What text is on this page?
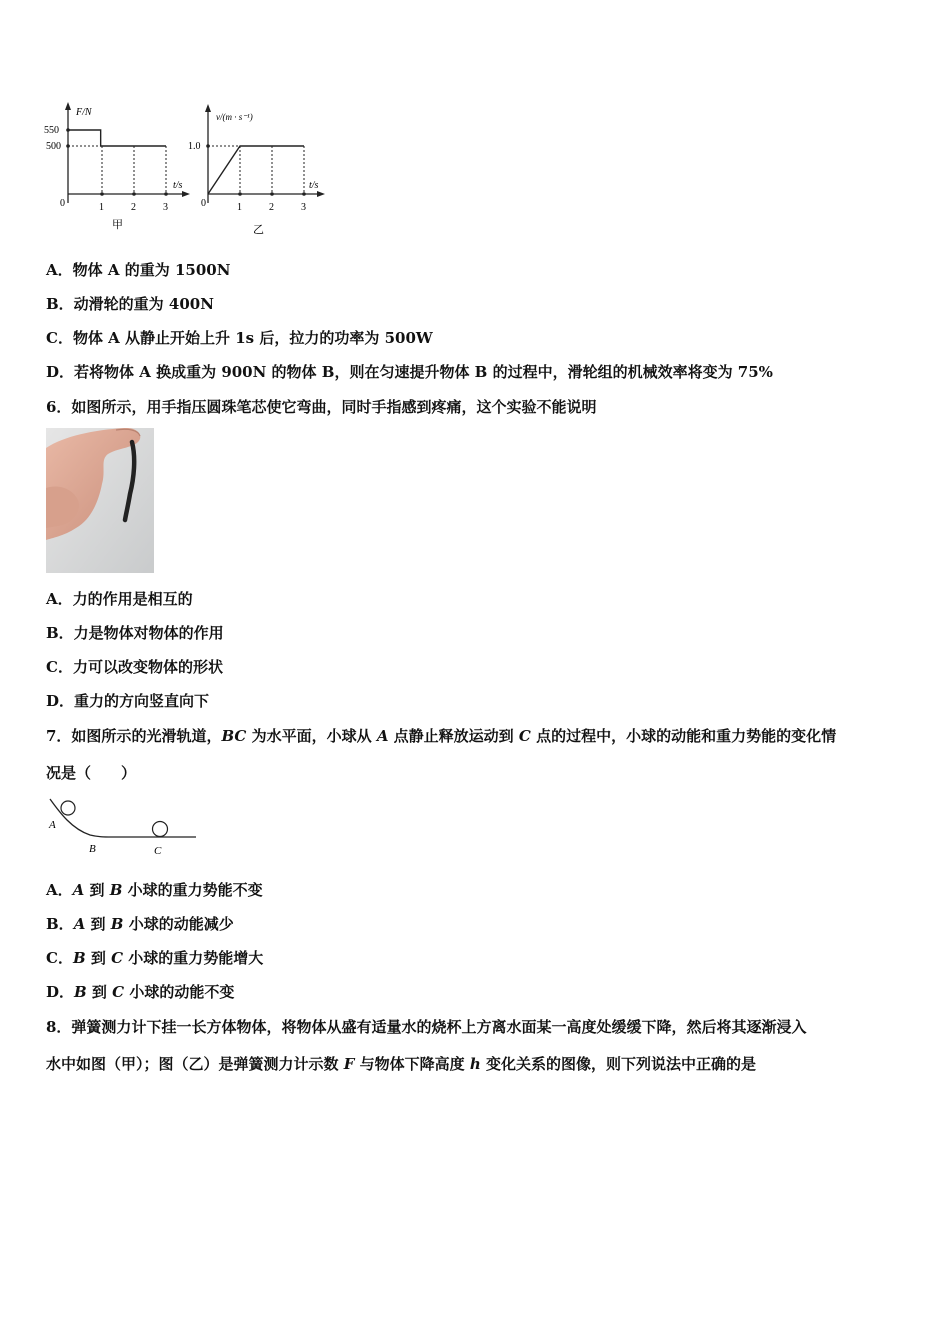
F/N
t/s
550
500
0	1	2	3
甲
v/(m · s⁻¹)
t/s
1.0
0	1	2	3
乙
A．物体 A 的重为 1500N
B．动滑轮的重为 400N
C．物体 A 从静止开始上升 1s 后，拉力的功率为 500W
D．若将物体 A 换成重为 900N 的物体 B，则在匀速提升物体 B 的过程中，滑轮组的机械效率将变为 75%
6．如图所示，用手指压圆珠笔芯使它弯曲，同时手指感到疼痛，这个实验不能说明
A．力的作用是相互的
B．力是物体对物体的作用
C．力可以改变物体的形状
D．重力的方向竖直向下
7．如图所示的光滑轨道，BC 为水平面，小球从 A 点静止释放运动到 C 点的过程中，小球的动能和重力势能的变化情
况是（　　）
A
B	C
A．A 到 B 小球的重力势能不变
B．A 到 B 小球的动能减少
C．B 到 C 小球的重力势能增大
D．B 到 C 小球的动能不变
8．弹簧测力计下挂一长方体物体，将物体从盛有适量水的烧杯上方离水面某一高度处缓缓下降，然后将其逐渐浸入
水中如图（甲）；图（乙）是弹簧测力计示数 F 与物体下降高度 h 变化关系的图像，则下列说法中正确的是
